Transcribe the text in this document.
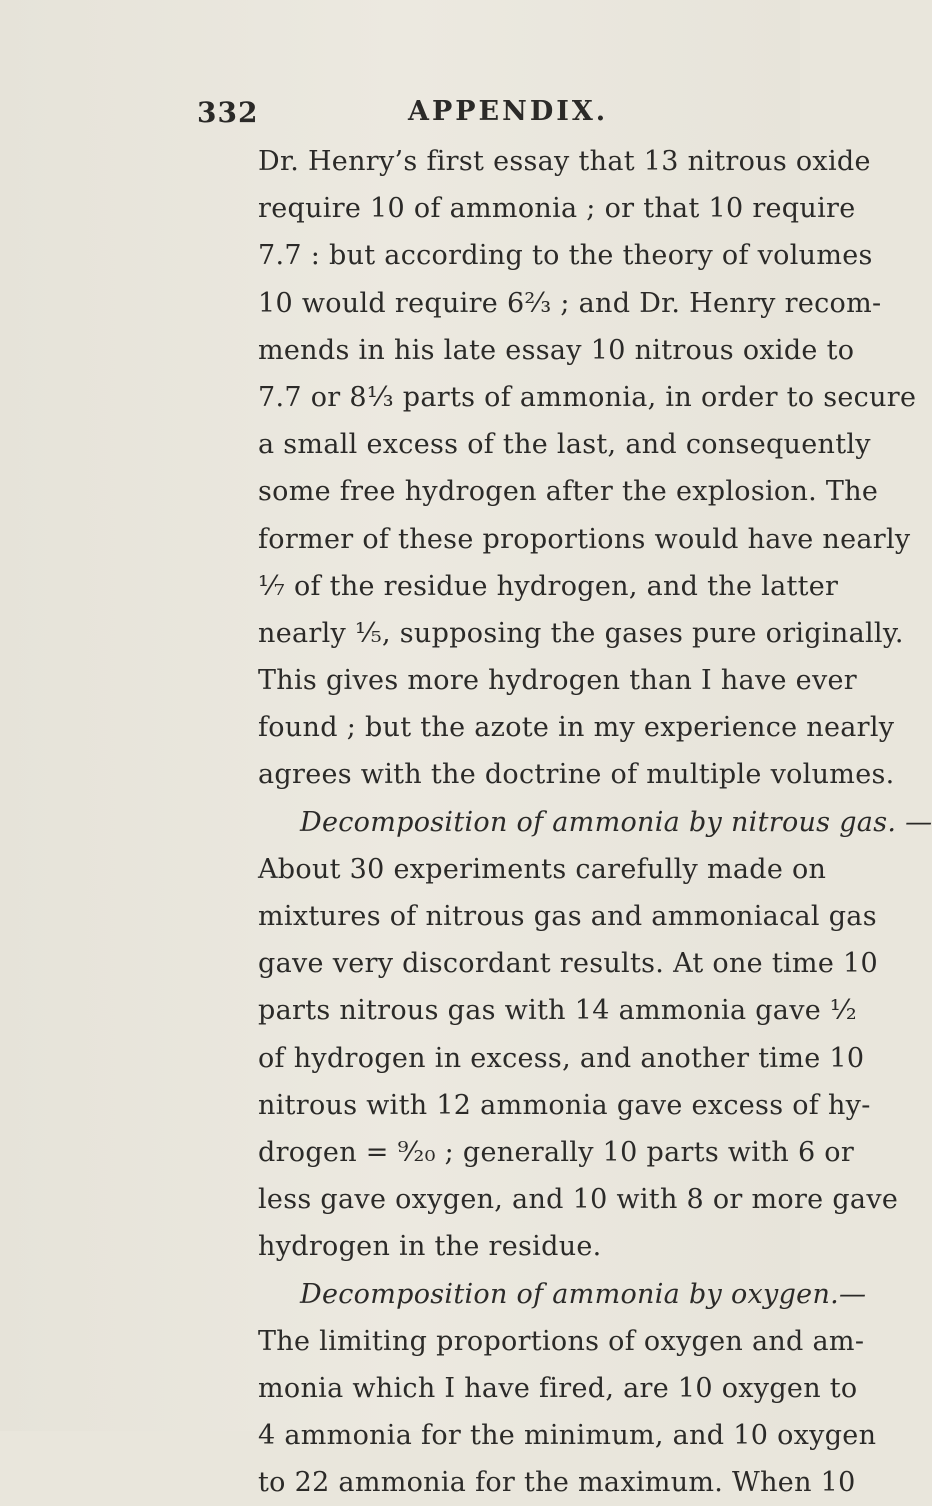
332	APPENDIX.
Dr. Henry’s first essay that 13 nitrous oxide
require 10 of ammonia ; or that 10 require
7.7 : but according to the theory of volumes
10 would require 6²⁄₃ ; and Dr. Henry recom-
mends in his late essay 10 nitrous oxide to
7.7 or 8¹⁄₃ parts of ammonia, in order to secure
a small excess of the last, and consequently
some free hydrogen after the explosion. The
former of these proportions would have nearly
¹⁄₇ of the residue hydrogen, and the latter
nearly ¹⁄₅, supposing the gases pure originally.
This gives more hydrogen than I have ever
found ; but the azote in my experience nearly
agrees with the doctrine of multiple volumes.
Decomposition of ammonia by nitrous gas. —
About 30 experiments carefully made on
mixtures of nitrous gas and ammoniacal gas
gave very discordant results. At one time 10
parts nitrous gas with 14 ammonia gave ¹⁄₂
of hydrogen in excess, and another time 10
nitrous with 12 ammonia gave excess of hy-
drogen = ⁹⁄₂₀ ; generally 10 parts with 6 or
less gave oxygen, and 10 with 8 or more gave
hydrogen in the residue.
Decomposition of ammonia by oxygen.—
The limiting proportions of oxygen and am-
monia which I have fired, are 10 oxygen to
4 ammonia for the minimum, and 10 oxygen
to 22 ammonia for the maximum. When 10
